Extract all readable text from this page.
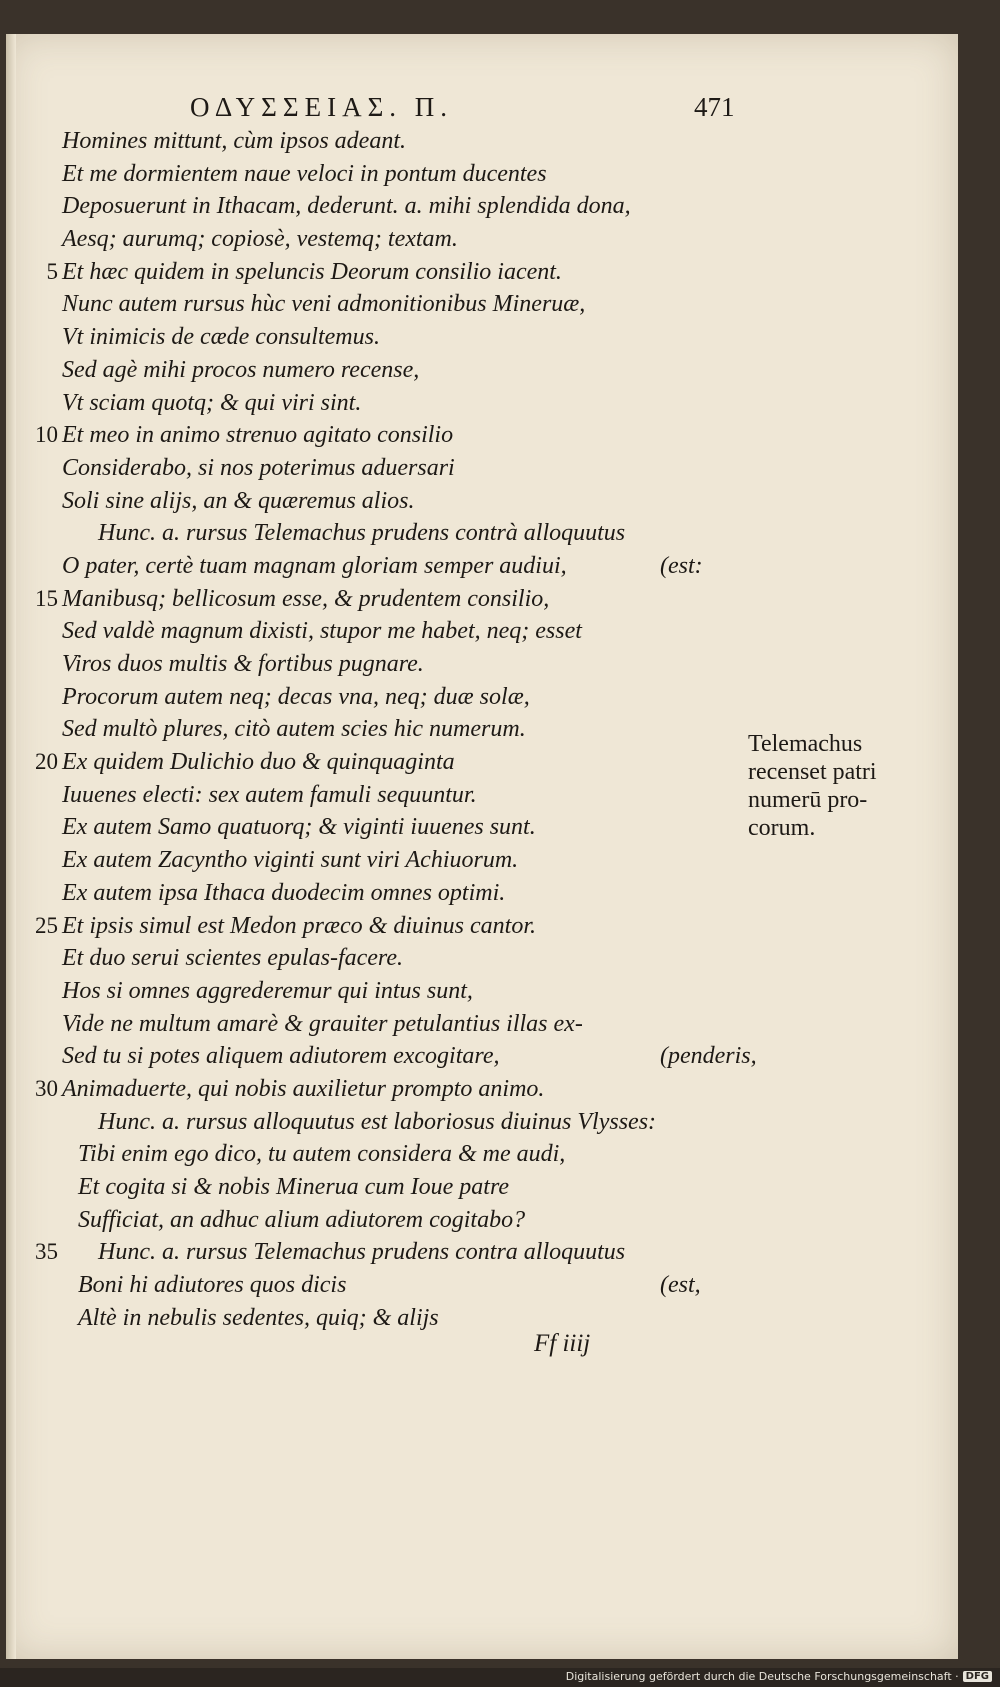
ΟΔΥΣΣΕΙΑΣ. Π.	471
Homines mittunt, cùm ipsos adeant.
Et me dormientem naue veloci in pontum ducentes
Deposuerunt in Ithacam, dederunt. a. mihi splendida dona,
Aesq; aurumq; copiosè, vestemq; textam.
5 Et hæc quidem in speluncis Deorum consilio iacent.
Nunc autem rursus hùc veni admonitionibus Mineruæ,
Vt inimicis de cæde consultemus.
Sed agè mihi procos numero recense,
Vt sciam quotq; & qui viri sint.
10 Et meo in animo strenuo agitato consilio
Considerabo, si nos poterimus aduersari
Soli sine alijs, an & quæremus alios.
Hunc. a. rursus Telemachus prudens contrà alloquutus
O pater, certè tuam magnam gloriam semper audiui,	(est:
15 Manibusq; bellicosum esse, & prudentem consilio,
Sed valdè magnum dixisti, stupor me habet, neq; esset
Viros duos multis & fortibus pugnare.
Procorum autem neq; decas vna, neq; duæ solæ,
Sed multò plures, citò autem scies hic numerum.
20 Ex quidem Dulichio duo & quinquaginta
Iuuenes electi: sex autem famuli sequuntur.
Ex autem Samo quatuorq; & viginti iuuenes sunt.
Ex autem Zacyntho viginti sunt viri Achiuorum.
Ex autem ipsa Ithaca duodecim omnes optimi.
25 Et ipsis simul est Medon præco & diuinus cantor.
Et duo serui scientes epulas-facere.
Hos si omnes aggrederemur qui intus sunt,
Vide ne multum amarè & grauiter petulantius illas ex-
Sed tu si potes aliquem adiutorem excogitare,	(penderis,
30 Animaduerte, qui nobis auxilietur prompto animo.
Hunc. a. rursus alloquutus est laboriosus diuinus Vlysses:
Tibi enim ego dico, tu autem considera & me audi,
Et cogita si & nobis Minerua cum Ioue patre
Sufficiat, an adhuc alium adiutorem cogitabo?
35 Hunc. a. rursus Telemachus prudens contra alloquutus
Boni hi adiutores quos dicis	(est,
Altè in nebulis sedentes, quiq; & alijs
Telemachus
recenset patri
numerū pro-
corum.
Ff iiij
Digitalisierung gefördert durch die Deutsche Forschungsgemeinschaft · DFG
